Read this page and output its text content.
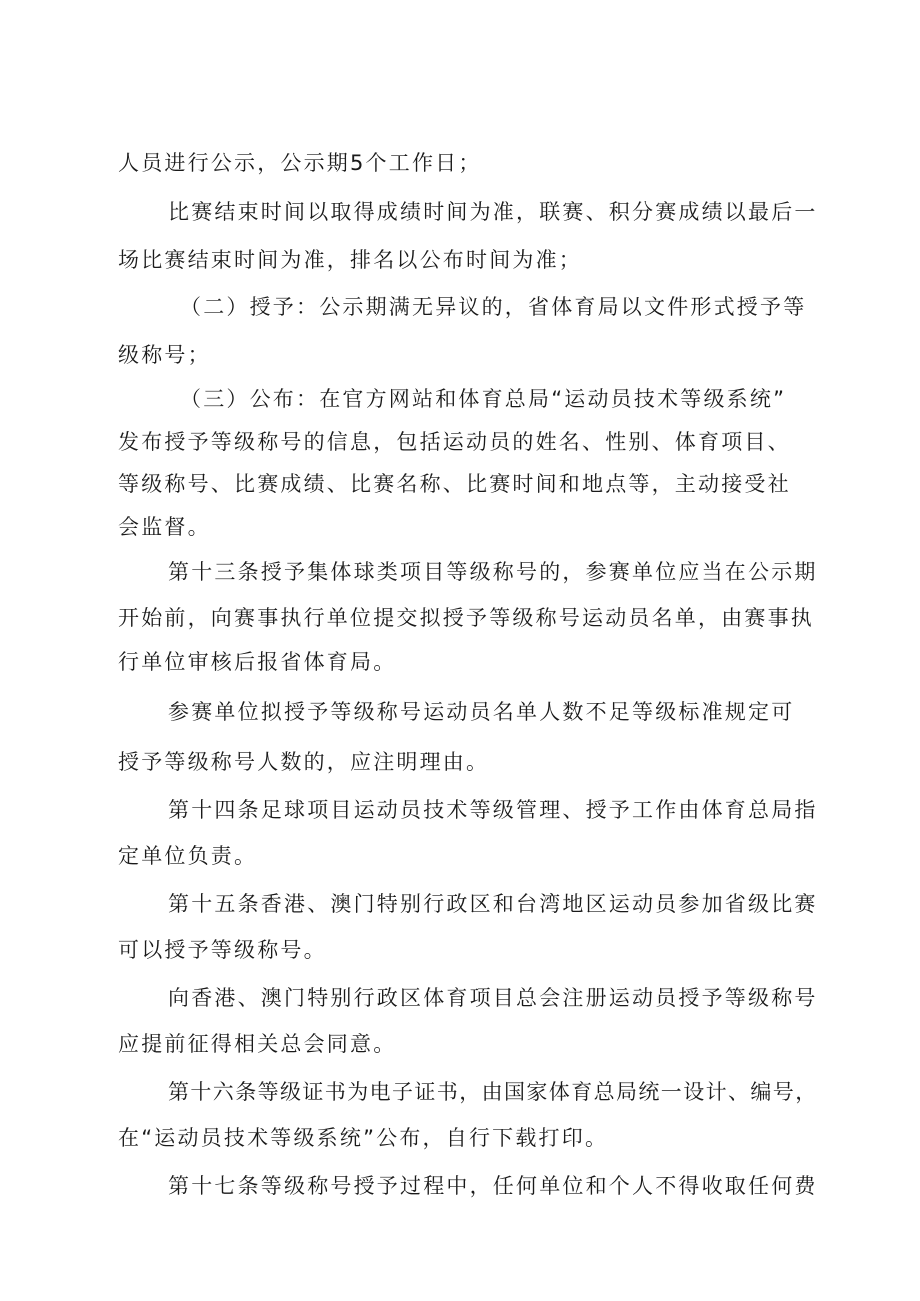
人员进行公示，公示期5个工作日；
比赛结束时间以取得成绩时间为准，联赛、积分赛成绩以最后一
场比赛结束时间为准，排名以公布时间为准；
（二）授予：公示期满无异议的，省体育局以文件形式授予等
级称号；
（三）公布：在官方网站和体育总局“运动员技术等级系统”
发布授予等级称号的信息，包括运动员的姓名、性别、体育项目、
等级称号、比赛成绩、比赛名称、比赛时间和地点等，主动接受社
会监督。
第十三条授予集体球类项目等级称号的，参赛单位应当在公示期
开始前，向赛事执行单位提交拟授予等级称号运动员名单，由赛事执
行单位审核后报省体育局。
参赛单位拟授予等级称号运动员名单人数不足等级标准规定可
授予等级称号人数的，应注明理由。
第十四条足球项目运动员技术等级管理、授予工作由体育总局指
定单位负责。
第十五条香港、澳门特别行政区和台湾地区运动员参加省级比赛
可以授予等级称号。
向香港、澳门特别行政区体育项目总会注册运动员授予等级称号
应提前征得相关总会同意。
第十六条等级证书为电子证书，由国家体育总局统一设计、编号，
在“运动员技术等级系统”公布，自行下载打印。
第十七条等级称号授予过程中，任何单位和个人不得收取任何费
